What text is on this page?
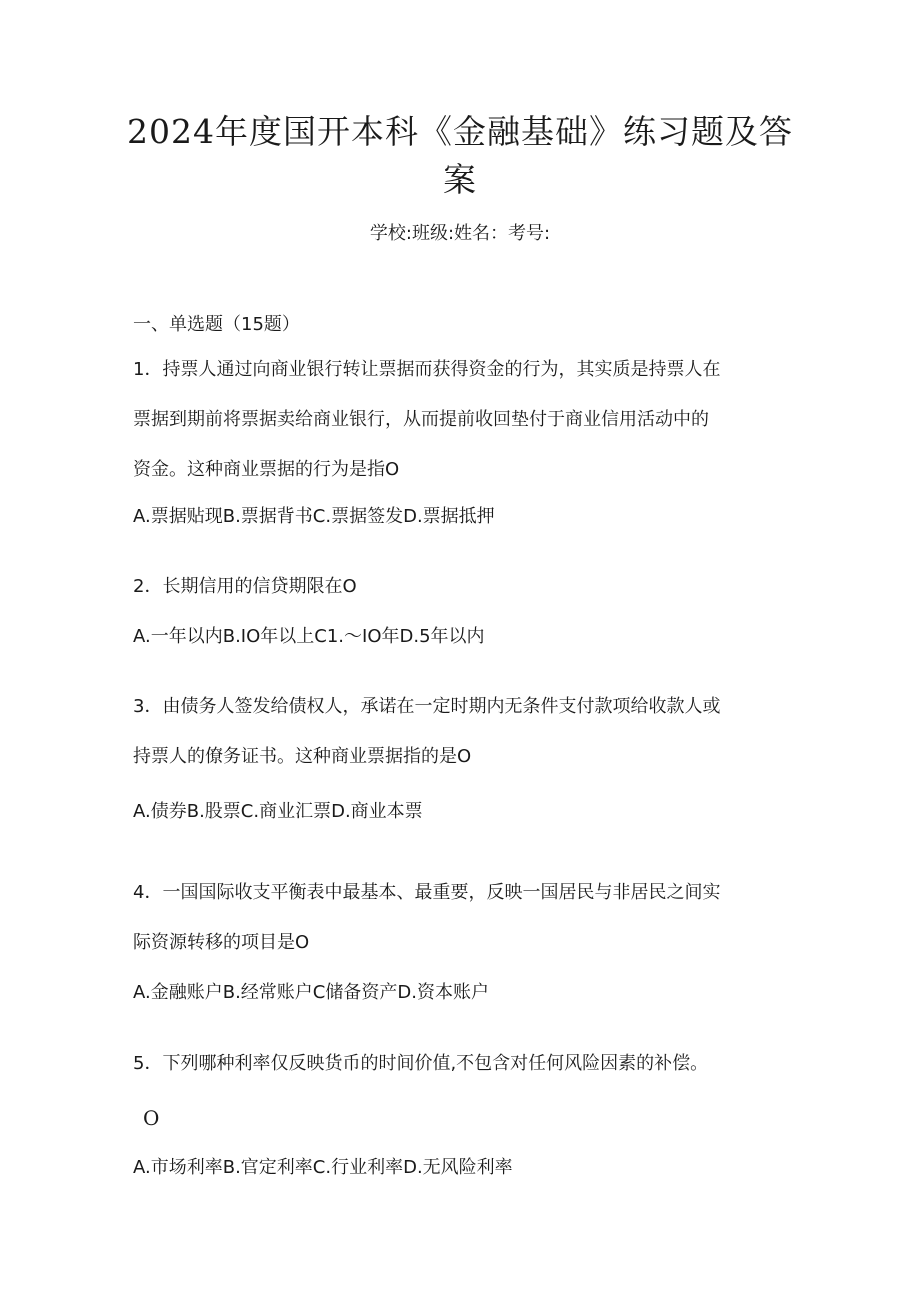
2024年度国开本科《金融基础》练习题及答
案
学校:班级:姓名：考号:
一、单选题（15题）
1．持票人通过向商业银行转让票据而获得资金的行为，其实质是持票人在
票据到期前将票据卖给商业银行，从而提前收回垫付于商业信用活动中的
资金。这种商业票据的行为是指O
A.票据贴现B.票据背书C.票据签发D.票据抵押
2．长期信用的信贷期限在O
A.一年以内B.IO年以上C1.～IO年D.5年以内
3．由债务人签发给债权人，承诺在一定时期内无条件支付款项给收款人或
持票人的僚务证书。这种商业票据指的是O
A.债券B.股票C.商业汇票D.商业本票
4．一国国际收支平衡表中最基本、最重要，反映一国居民与非居民之间实
际资源转移的项目是O
A.金融账户B.经常账户C储备资产D.资本账户
5．下列哪种利率仅反映货币的时间价值,不包含对任何风险因素的补偿。
O
A.市场利率B.官定利率C.行业利率D.无风险利率
